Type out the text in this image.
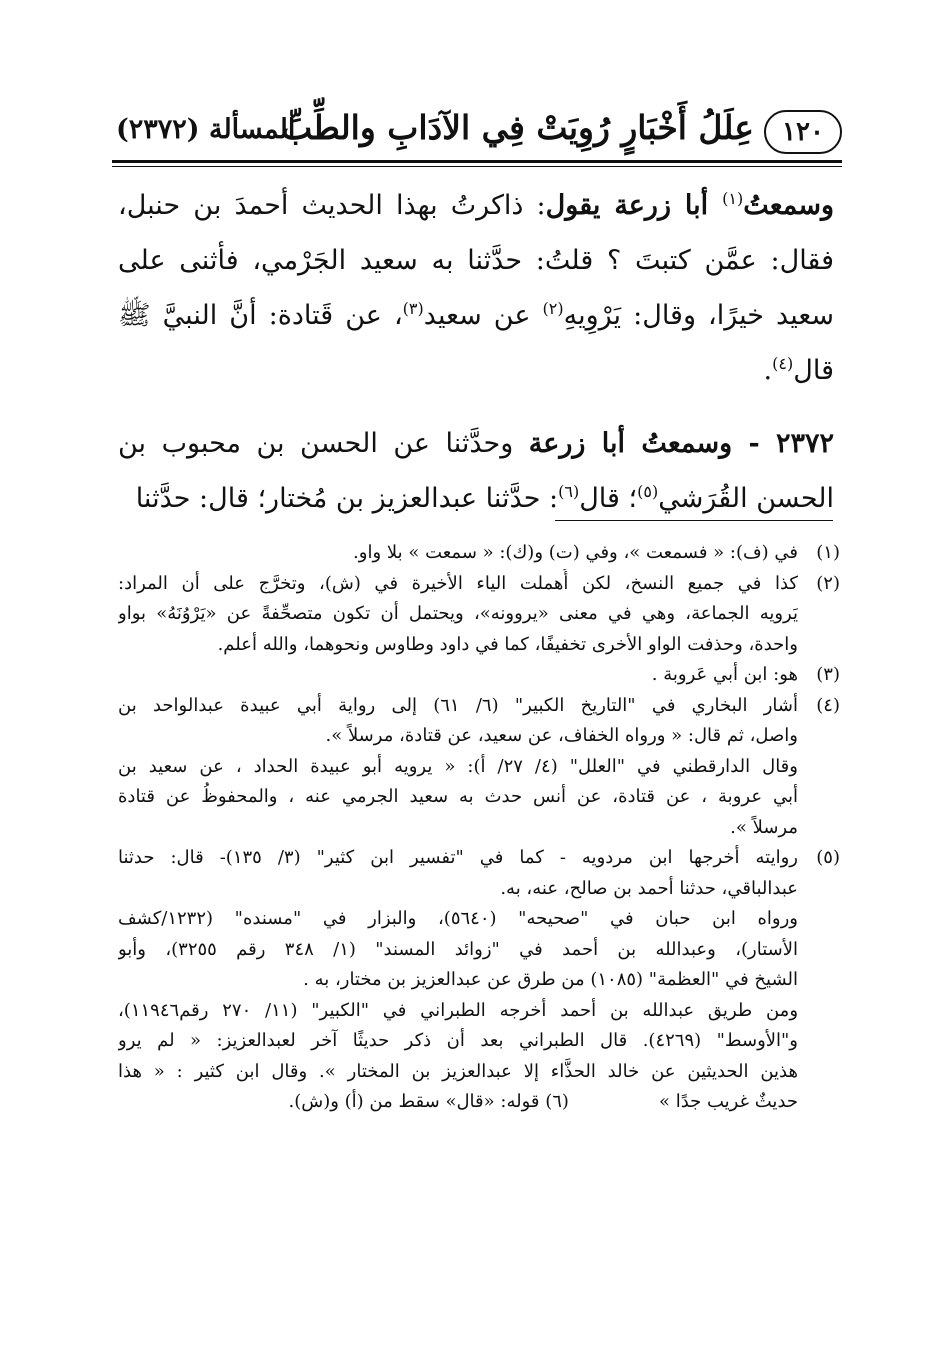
١٢٠
عِلَلُ أَخْبَارٍ رُوِيَتْ فِي الآدَابِ والطِّبِّ
المسألة (٢٣٧٢)

وسمعتُ$^{(١)}$ أبا زرعة يقول: ذاكرتُ بهذا الحديث أحمدَ بن حنبل، فقال: عمَّن كتبتَ ؟ قلتُ: حدَّثنا به سعيد الجَرْمي، فأثنى على سعيد خيرًا، وقال: يَرْوِيهِ$^{(٢)}$ عن سعيد$^{(٣)}$، عن قَتادة: أنَّ النبيَّ ﷺ قال$^{(٤)}$.

٢٣٧٢ - وسمعتُ أبا زرعة وحدَّثنا عن الحسن بن محبوب بن الحسن القُرَشي$^{(٥)}$؛ قال$^{(٦)}$: حدَّثنا عبدالعزيز بن مُختار؛ قال: حدَّثنا

(١)
في (ف): « فسمعت »، وفي (ت) و(ك): « سمعت » بلا واو.
(٢)
كذا في جميع النسخ، لكن أُهملت الياء الأخيرة في (ش)، وتخرَّج على أن المراد:
يَرويه الجماعة، وهي في معنى «يروونه»، ويحتمل أن تكون متصحِّفةً عن «يَرْوُنَهُ» بواو
واحدة، وحذفت الواو الأخرى تخفيفًا، كما في داود وطاوس ونحوهما، والله أعلم.
(٣)
هو: ابن أبي عَروبة .
(٤)
أشار البخاري في "التاريخ الكبير" (٦/ ٦١) إلى رواية أبي عبيدة عبدالواحد بن
واصل، ثم قال: « ورواه الخفاف، عن سعيد، عن قتادة، مرسلاً ».
وقال الدارقطني في "العلل" (٤/ ٢٧/ أ): « يرويه أبو عبيدة الحداد ، عن سعيد بن
أبي عروبة ، عن قتادة، عن أنس حدث به سعيد الجرمي عنه ، والمحفوظُ عن قتادة
مرسلاً ».
(٥)
روايته أخرجها ابن مردويه - كما في "تفسير ابن كثير" (٣/ ١٣٥)- قال: حدثنا
عبدالباقي، حدثنا أحمد بن صالح، عنه، به.
ورواه ابن حبان في "صحيحه" (٥٦٤٠)، والبزار في "مسنده" (١٢٣٢/كشف
الأستار)، وعبدالله بن أحمد في "زوائد المسند" (١/ ٣٤٨ رقم ٣٢٥٥)، وأبو
الشيخ في "العظمة" (١٠٨٥) من طرق عن عبدالعزيز بن مختار، به .
ومن طريق عبدالله بن أحمد أخرجه الطبراني في "الكبير" (١١/ ٢٧٠ رقم١١٩٤٦)،
و"الأوسط" (٤٢٦٩). قال الطبراني بعد أن ذكر حديثًا آخر لعبدالعزيز: « لم يرو
هذين الحديثين عن خالد الحذَّاء إلا عبدالعزيز بن المختار ». وقال ابن كثير : « هذا
حديثٌ غريب جدًا »(٦) قوله: «قال» سقط من (أ) و(ش).
